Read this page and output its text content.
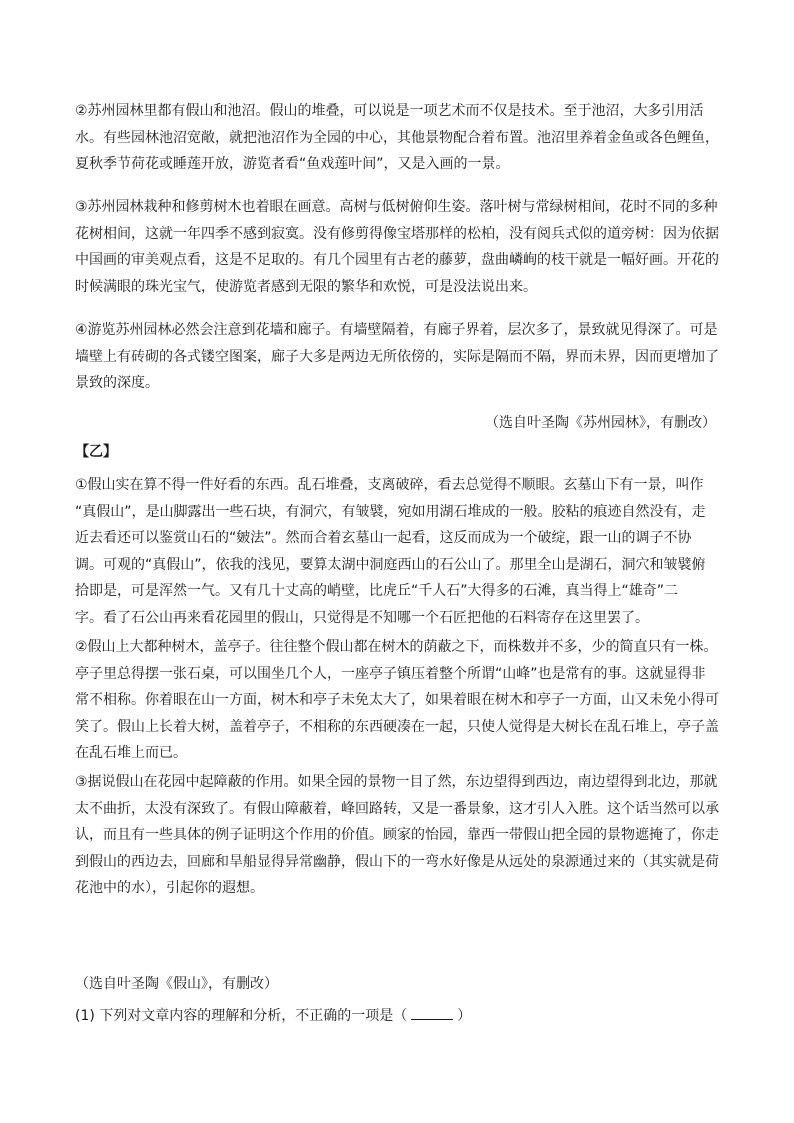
②苏州园林里都有假山和池沼。假山的堆叠，可以说是一项艺术而不仅是技术。至于池沼，大多引用活
水。有些园林池沼宽敞，就把池沼作为全园的中心，其他景物配合着布置。池沼里养着金鱼或各色鲤鱼，
夏秋季节荷花或睡莲开放，游览者看“鱼戏莲叶间”，又是入画的一景。

③苏州园林栽种和修剪树木也着眼在画意。高树与低树俯仰生姿。落叶树与常绿树相间，花时不同的多种
花树相间，这就一年四季不感到寂寞。没有修剪得像宝塔那样的松柏，没有阅兵式似的道旁树：因为依据
中国画的审美观点看，这是不足取的。有几个园里有古老的藤萝，盘曲嶙峋的枝干就是一幅好画。开花的
时候满眼的珠光宝气，使游览者感到无限的繁华和欢悦，可是没法说出来。

④游览苏州园林必然会注意到花墙和廊子。有墙壁隔着，有廊子界着，层次多了，景致就见得深了。可是
墙壁上有砖砌的各式镂空图案，廊子大多是两边无所依傍的，实际是隔而不隔，界而未界，因而更增加了
景致的深度。

（选自叶圣陶《苏州园林》，有删改）

【乙】

①假山实在算不得一件好看的东西。乱石堆叠，支离破碎，看去总觉得不顺眼。玄墓山下有一景，叫作
“真假山”，是山脚露出一些石块，有洞穴，有皱襞，宛如用湖石堆成的一般。胶粘的痕迹自然没有，走
近去看还可以鉴赏山石的“皴法”。然而合着玄墓山一起看，这反而成为一个破绽，跟一山的调子不协
调。可观的“真假山”，依我的浅见，要算太湖中洞庭西山的石公山了。那里全山是湖石，洞穴和皱襞俯
拾即是，可是浑然一气。又有几十丈高的峭壁，比虎丘“千人石”大得多的石滩，真当得上“雄奇”二
字。看了石公山再来看花园里的假山，只觉得是不知哪一个石匠把他的石料寄存在这里罢了。

②假山上大都种树木，盖亭子。往往整个假山都在树木的荫蔽之下，而株数并不多，少的简直只有一株。
亭子里总得摆一张石桌，可以围坐几个人，一座亭子镇压着整个所谓“山峰”也是常有的事。这就显得非
常不相称。你着眼在山一方面，树木和亭子未免太大了，如果着眼在树木和亭子一方面，山又未免小得可
笑了。假山上长着大树，盖着亭子，不相称的东西硬凑在一起，只使人觉得是大树长在乱石堆上，亭子盖
在乱石堆上而已。

③据说假山在花园中起障蔽的作用。如果全园的景物一目了然，东边望得到西边，南边望得到北边，那就
太不曲折，太没有深致了。有假山障蔽着，峰回路转，又是一番景象，这才引人入胜。这个话当然可以承
认，而且有一些具体的例子证明这个作用的价值。顾家的怡园，靠西一带假山把全园的景物遮掩了，你走
到假山的西边去，回廊和旱船显得异常幽静，假山下的一弯水好像是从远处的泉源通过来的（其实就是荷
花池中的水），引起你的遐想。

（选自叶圣陶《假山》，有删改）

(1) 下列对文章内容的理解和分析，不正确的一项是（	）
